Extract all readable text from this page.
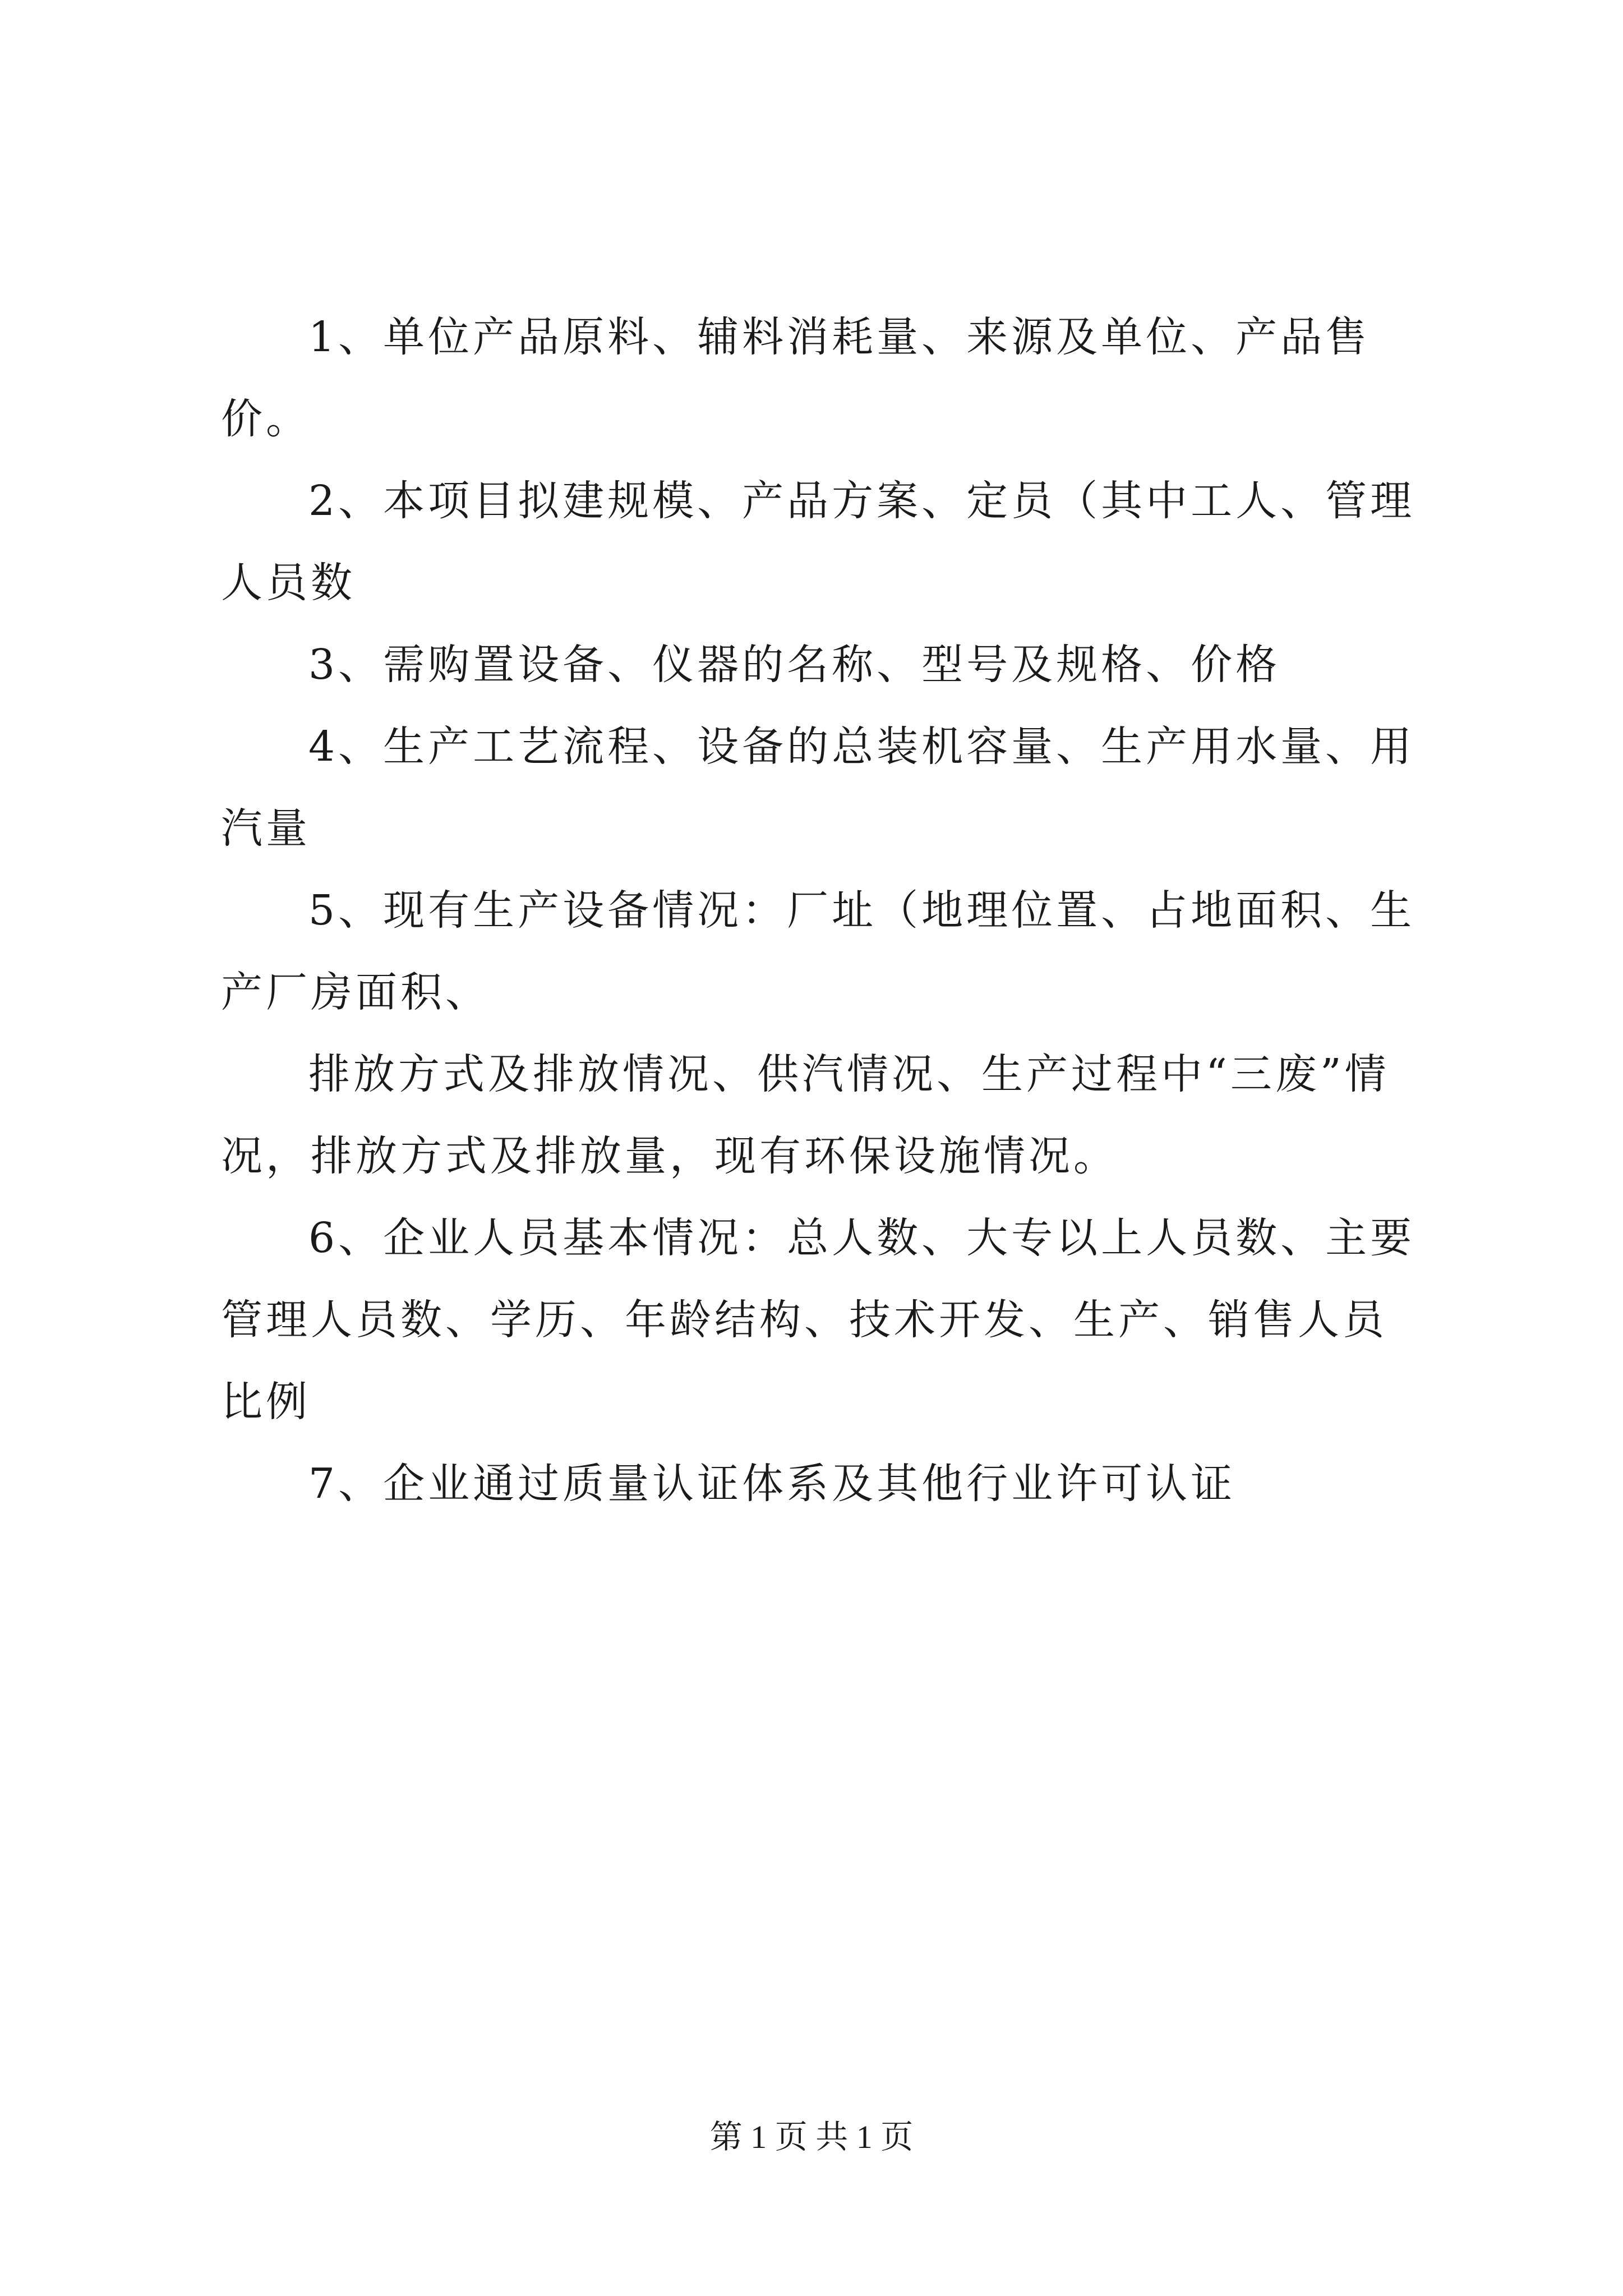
1、单位产品原料、辅料消耗量、来源及单位、产品售价。

2、本项目拟建规模、产品方案、定员（其中工人、管理人员数

3、需购置设备、仪器的名称、型号及规格、价格

4、生产工艺流程、设备的总装机容量、生产用水量、用汽量

5、现有生产设备情况：厂址（地理位置、占地面积、生产厂房面积、

排放方式及排放情况、供汽情况、生产过程中“三废”情况，排放方式及排放量，现有环保设施情况。

6、企业人员基本情况：总人数、大专以上人员数、主要管理人员数、学历、年龄结构、技术开发、生产、销售人员比例

7、企业通过质量认证体系及其他行业许可认证

第 1 页 共 1 页
